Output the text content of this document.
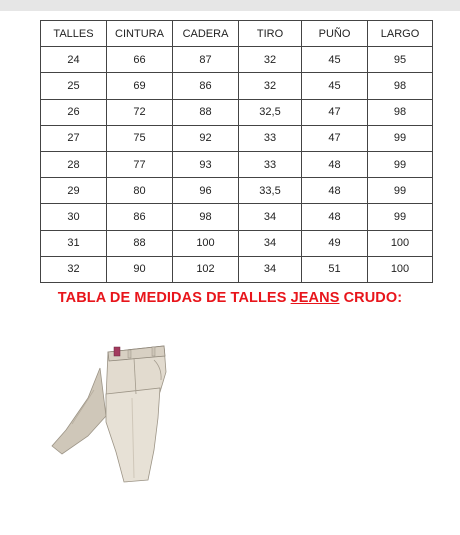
TALLES	CINTURA	CADERA	TIRO	PUÑO	LARGO
24	66	87	32	45	95
25	69	86	32	45	98
26	72	88	32,5	47	98
27	75	92	33	47	99
28	77	93	33	48	99
29	80	96	33,5	48	99
30	86	98	34	48	99
31	88	100	34	49	100
32	90	102	34	51	100
TABLA DE MEDIDAS DE TALLES JEANS CRUDO:
